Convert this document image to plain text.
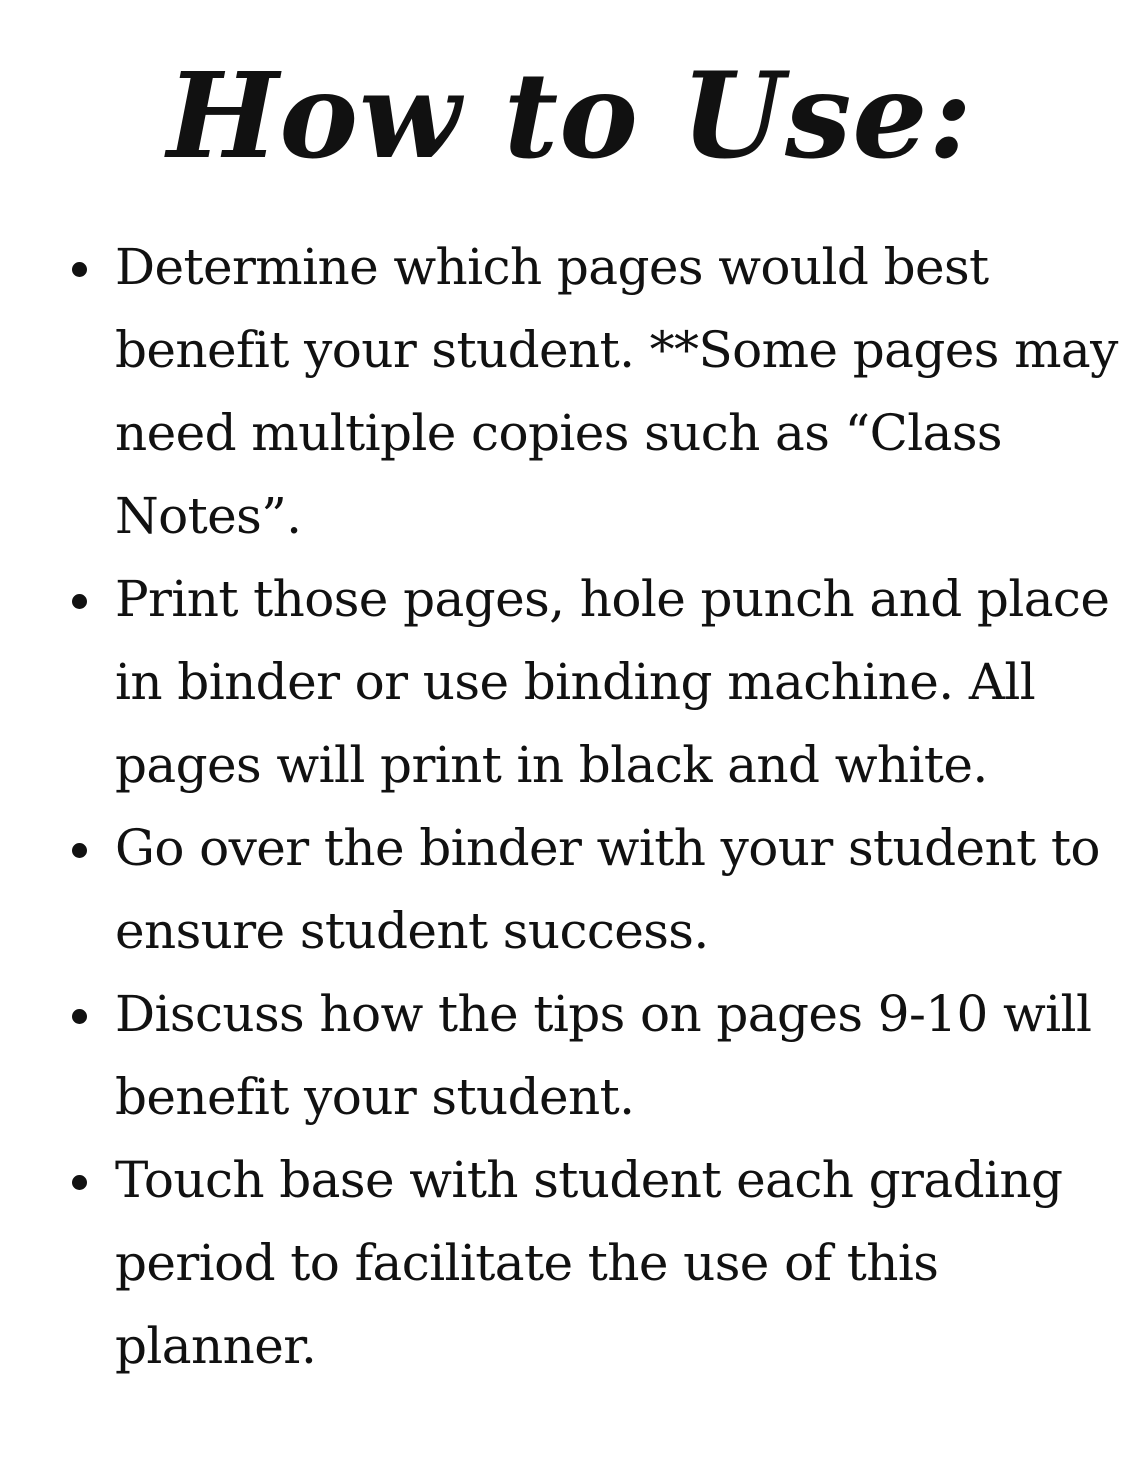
How to Use:
Determine which pages would best benefit your student. **Some pages may need multiple copies such as “Class Notes”.
Print those pages, hole punch and place in binder or use binding machine. All pages will print in black and white.
Go over the binder with your student to ensure student success.
Discuss how the tips on pages 9-10 will benefit your student.
Touch base with student each grading period to facilitate the use of this planner.
